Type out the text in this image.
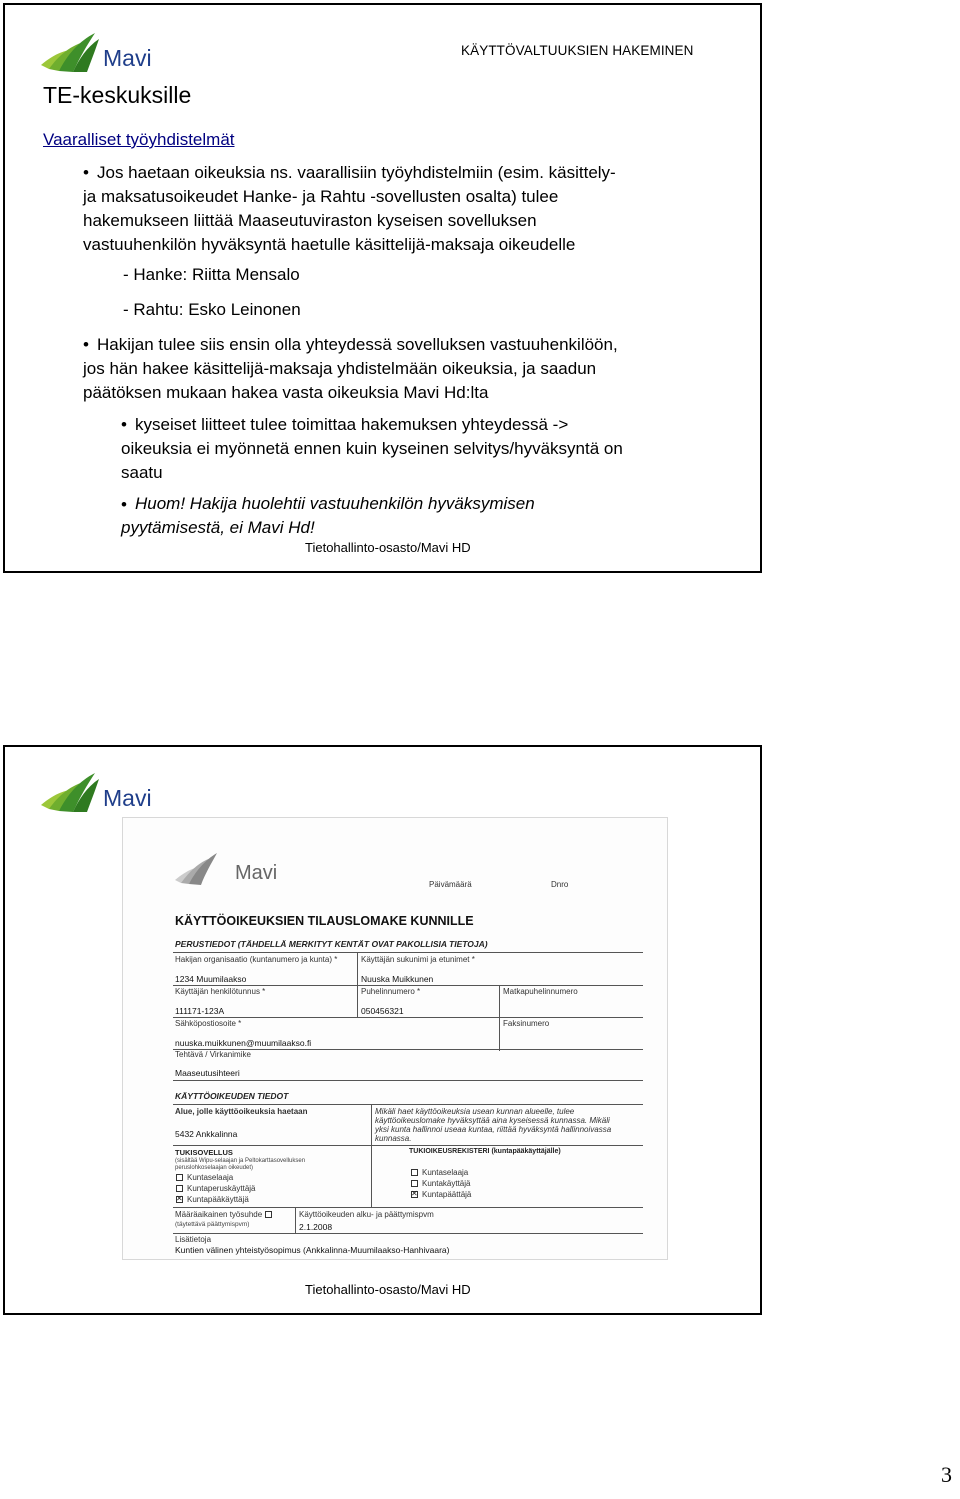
Mavi	KÄYTTÖVALTUUKSIEN HAKEMINEN
TE-keskuksille
Vaaralliset työyhdistelmät
• Jos haetaan oikeuksia ns. vaarallisiin työyhdistelmiin (esim. käsittely-
ja maksatusoikeudet Hanke- ja Rahtu -sovellusten osalta) tulee
hakemukseen liittää Maaseutuviraston kyseisen sovelluksen
vastuuhenkilön hyväksyntä haetulle käsittelijä-maksaja oikeudelle
- Hanke: Riitta Mensalo
- Rahtu: Esko Leinonen
• Hakijan tulee siis ensin olla yhteydessä sovelluksen vastuuhenkilöön,
jos hän hakee käsittelijä-maksaja yhdistelmään oikeuksia, ja saadun
päätöksen mukaan hakea vasta oikeuksia Mavi Hd:lta
• kyseiset liitteet tulee toimittaa hakemuksen yhteydessä ->
oikeuksia ei myönnetä ennen kuin kyseinen selvitys/hyväksyntä on
saatu
• Huom! Hakija huolehtii vastuuhenkilön hyväksymisen
pyytämisestä, ei Mavi Hd!
Tietohallinto-osasto/Mavi HD
Mavi
Mavi
Päivämäärä	Dnro
KÄYTTÖOIKEUKSIEN TILAUSLOMAKE KUNNILLE
PERUSTIEDOT (TÄHDELLÄ MERKITYT KENTÄT OVAT PAKOLLISIA TIETOJA)
Hakijan organisaatio (kuntanumero ja kunta) *	Käyttäjän sukunimi ja etunimet *
1234 Muumilaakso	Nuuska Muikkunen
Käyttäjän henkilötunnus *	Puhelinnumero *	Matkapuhelinnumero
111171-123A	050456321
Sähköpostiosoite *	Faksinumero
nuuska.muikkunen@muumilaakso.fi
Tehtävä / Virkanimike
Maaseutusihteeri
KÄYTTÖOIKEUDEN TIEDOT
Alue, jolle käyttöoikeuksia haetaan
5432 Ankkalinna
Mikäli haet käyttöoikeuksia usean kunnan alueelle, tulee
käyttöoikeuslomake hyväksyttää aina kyseisessä kunnassa. Mikäli
yksi kunta hallinnoi useaa kuntaa, riittää hyväksyntä hallinnoivassa
kunnassa.
TUKISOVELLUS
(sisältää Wipu-selaajan ja Peltokarttasovelluksen peruslohkoselaajan oikeudet)
Kuntaselaaja
Kuntaperuskäyttäjä
✕
Kuntapääkäyttäjä
TUKIOIKEUSREKISTERI (kuntapääkäyttäjälle)
Kuntaselaaja
Kuntakäyttäjä
✕
Kuntapäättäjä
Määräaikainen työsuhde
(täytettävä päättymispvm)
Käyttöoikeuden alku- ja päättymispvm
2.1.2008
Lisätietoja
Kuntien välinen yhteistyösopimus (Ankkalinna-Muumilaakso-Hanhivaara)
Tietohallinto-osasto/Mavi HD
3
